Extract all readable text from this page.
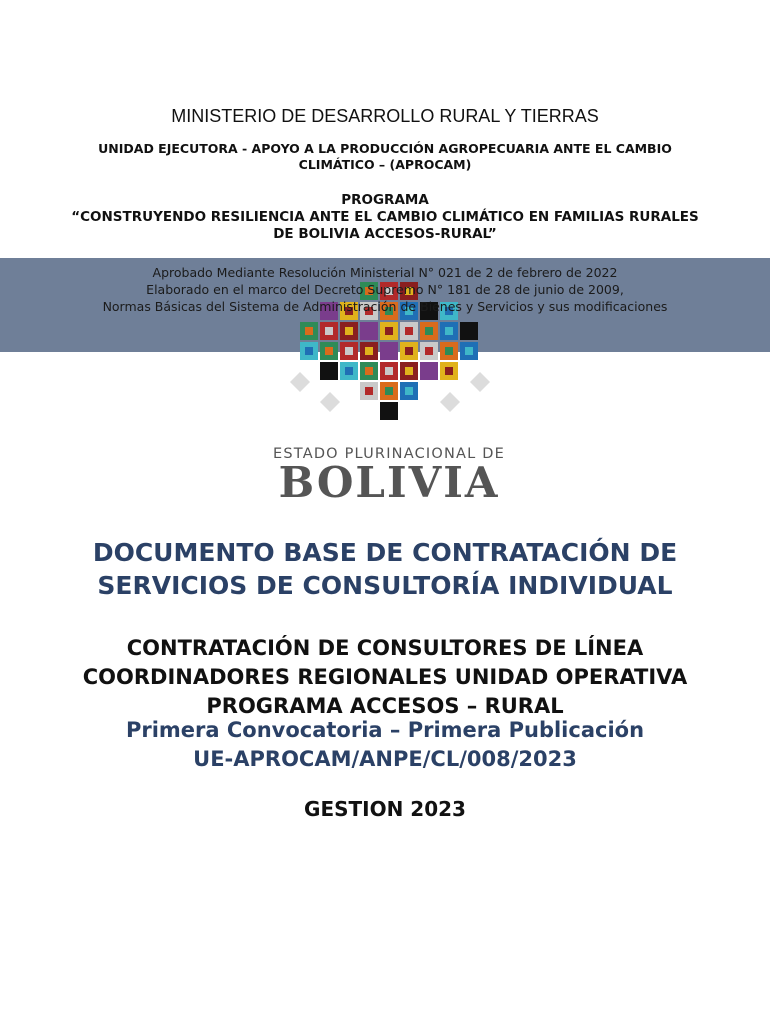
MINISTERIO DE DESARROLLO RURAL Y TIERRAS
UNIDAD EJECUTORA - APOYO A LA PRODUCCIÓN AGROPECUARIA ANTE EL CAMBIO CLIMÁTICO – (APROCAM)
PROGRAMA
“CONSTRUYENDO RESILIENCIA ANTE EL CAMBIO CLIMÁTICO EN FAMILIAS RURALES DE BOLIVIA ACCESOS-RURAL”
Aprobado Mediante Resolución Ministerial N° 021 de 2 de febrero de 2022
Elaborado en el marco del Decreto Supremo N° 181 de 28 de junio de 2009,
Normas Básicas del Sistema de Administración de Bienes y Servicios y sus modificaciones
ESTADO PLURINACIONAL DE
BOLIVIA
DOCUMENTO BASE DE CONTRATACIÓN DE SERVICIOS DE CONSULTORÍA INDIVIDUAL
CONTRATACIÓN DE CONSULTORES DE LÍNEA COORDINADORES REGIONALES UNIDAD OPERATIVA PROGRAMA ACCESOS – RURAL
Primera Convocatoria – Primera Publicación
UE-APROCAM/ANPE/CL/008/2023
GESTION 2023
